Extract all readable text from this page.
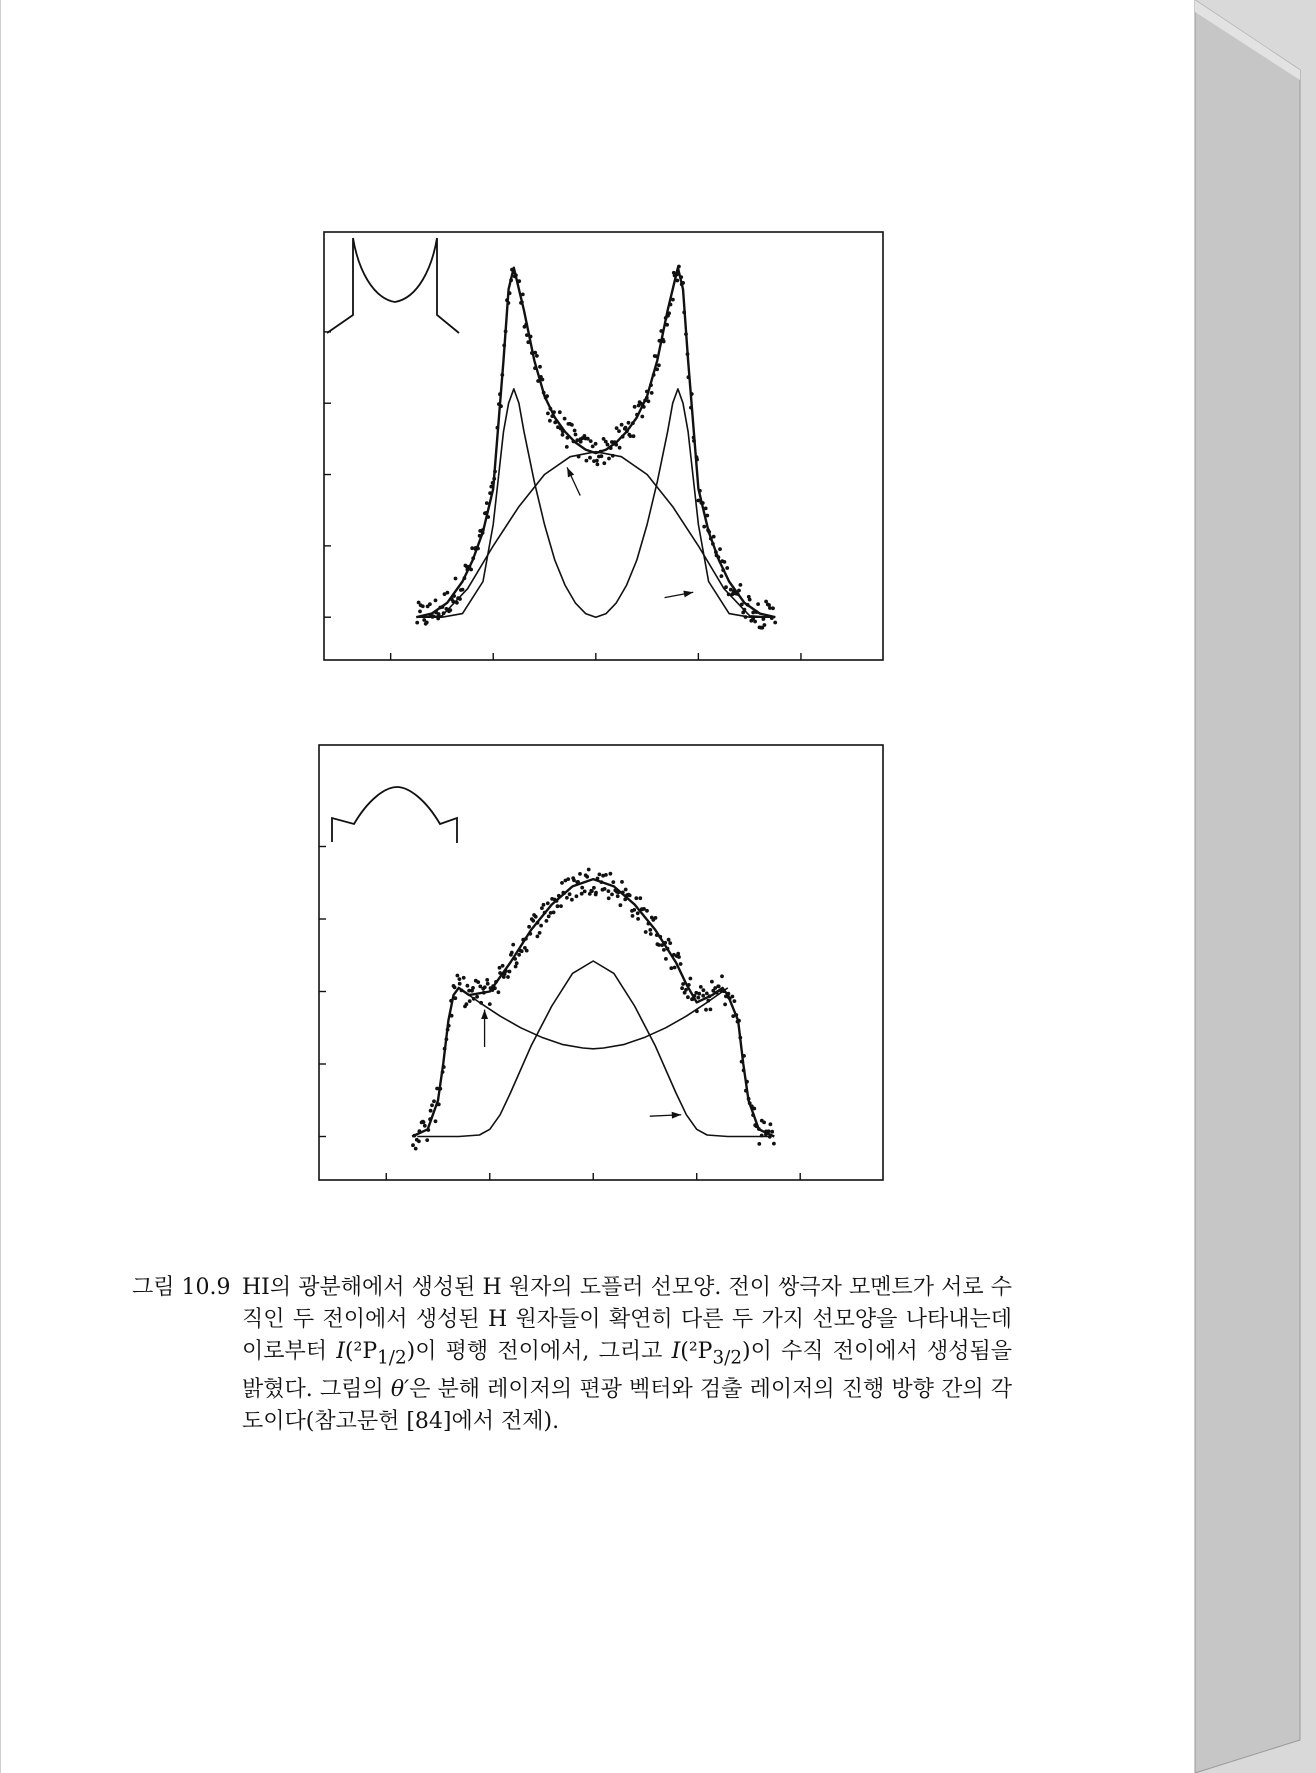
그림 10.9 HI의 광분해에서 생성된 H 원자의 도플러 선모양. 전이 쌍극자 모멘트가 서로 수직인 두 전이에서 생성된 H 원자들이 확연히 다른 두 가지 선모양을 나타내는데 이로부터 $I(^2P_{1/2})$이 평행 전이에서, 그리고 $I(^2P_{3/2})$이 수직 전이에서 생성됨을 밝혔다. 그림의 θ′은 분해 레이저의 편광 벡터와 검출 레이저의 진행 방향 간의 각도이다(참고문헌 [84]에서 전제).
